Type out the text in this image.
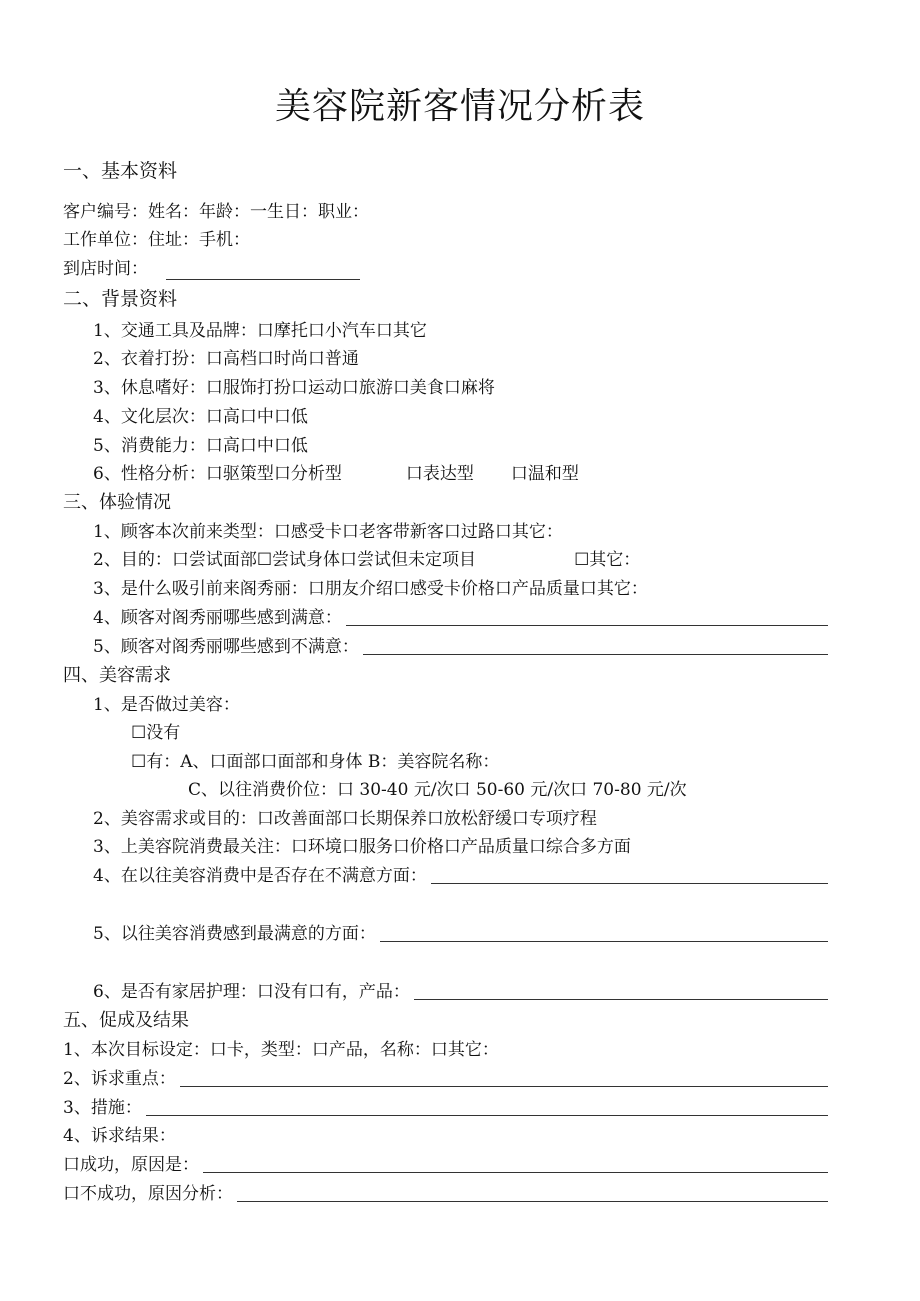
美容院新客情况分析表
一、基本资料
客户编号：姓名：年龄：一生日：职业：
工作单位：住址：手机：
到店时间：
二、背景资料
1、交通工具及品牌：口摩托口小汽车口其它
2、衣着打扮：口高档口时尚口普通
3、休息嗜好：口服饰打扮口运动口旅游口美食口麻将
4、文化层次：口高口中口低
5、消费能力：口高口中口低
6、性格分析：口驱策型口分析型	口表达型 口温和型
三、体验情况
1、顾客本次前来类型：口感受卡口老客带新客口过路口其它：
2、目的：口尝试面部☐尝试身体口尝试但未定项目	☐其它：
3、是什么吸引前来阁秀丽：口朋友介绍口感受卡价格口产品质量口其它：
4、顾客对阁秀丽哪些感到满意：
5、顾客对阁秀丽哪些感到不满意：
四、美容需求
1、是否做过美容：
☐没有
☐有：A、口面部口面部和身体 B：美容院名称：
C、以往消费价位：口 30-40 元/次口 50-60 元/次口 70-80 元/次
2、美容需求或目的：口改善面部口长期保养口放松舒缓口专项疗程
3、上美容院消费最关注：口环境口服务口价格口产品质量口综合多方面
4、在以往美容消费中是否存在不满意方面：
5、以往美容消费感到最满意的方面：
6、是否有家居护理：口没有口有，产品：
五、促成及结果
1、本次目标设定：口卡，类型：口产品，名称：口其它：
2、诉求重点：
3、措施：
4、诉求结果：
口成功，原因是：
口不成功，原因分析：
